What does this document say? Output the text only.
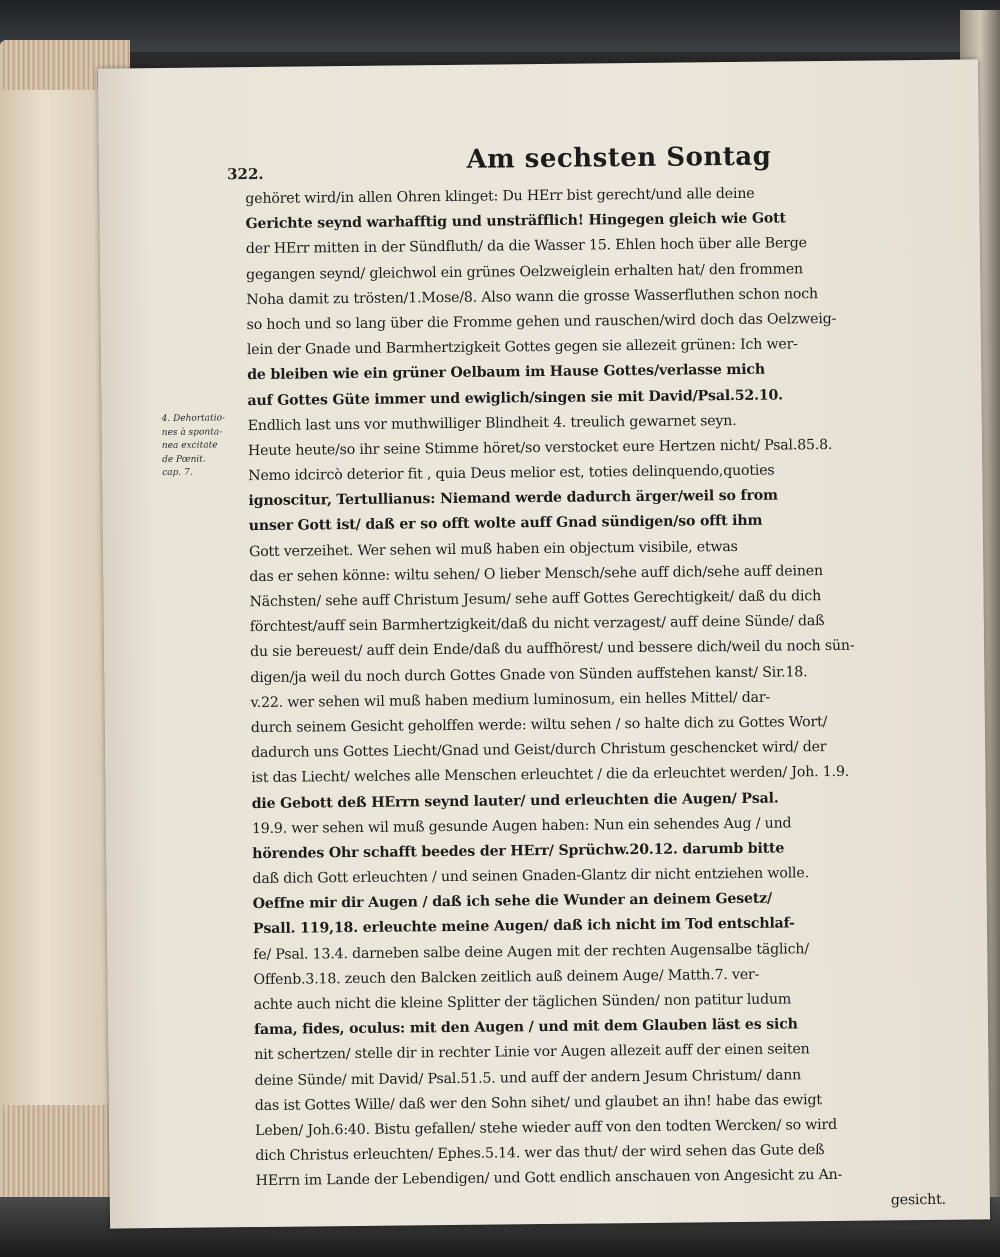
322.	Am sechsten Sontag
4. Dehortatio-
nes à sponta-
nea excitate
de Pœnit.
cap. 7.
gehöret wird/in allen Ohren klinget: Du HErr bist gerecht/und alle deine
Gerichte seynd warhafftig und unsträfflich! Hingegen gleich wie Gott
der HErr mitten in der Sündfluth/ da die Wasser 15. Ehlen hoch über alle Berge
gegangen seynd/ gleichwol ein grünes Oelzweiglein erhalten hat/ den frommen
Noha damit zu trösten/1.Mose/8. Also wann die grosse Wasserfluthen schon noch
so hoch und so lang über die Fromme gehen und rauschen/wird doch das Oelzweig-
lein der Gnade und Barmhertzigkeit Gottes gegen sie allezeit grünen: Ich wer-
de bleiben wie ein grüner Oelbaum im Hause Gottes/verlasse mich
auf Gottes Güte immer und ewiglich/singen sie mit David/Psal.52.10.
Endlich last uns vor muthwilliger Blindheit 4. treulich gewarnet seyn.
Heute heute/so ihr seine Stimme höret/so verstocket eure Hertzen nicht/ Psal.85.8.
Nemo idcircò deterior fit , quia Deus melior est, toties delinquendo,quoties
ignoscitur, Tertullianus: Niemand werde dadurch ärger/weil so from
unser Gott ist/ daß er so offt wolte auff Gnad sündigen/so offt ihm
Gott verzeihet. Wer sehen wil muß haben ein objectum visibile, etwas
das er sehen könne: wiltu sehen/ O lieber Mensch/sehe auff dich/sehe auff deinen
Nächsten/ sehe auff Christum Jesum/ sehe auff Gottes Gerechtigkeit/ daß du dich
förchtest/auff sein Barmhertzigkeit/daß du nicht verzagest/ auff deine Sünde/ daß
du sie bereuest/ auff dein Ende/daß du auffhörest/ und bessere dich/weil du noch sün-
digen/ja weil du noch durch Gottes Gnade von Sünden auffstehen kanst/ Sir.18.
v.22. wer sehen wil muß haben medium luminosum, ein helles Mittel/ dar-
durch seinem Gesicht geholffen werde: wiltu sehen / so halte dich zu Gottes Wort/
dadurch uns Gottes Liecht/Gnad und Geist/durch Christum geschencket wird/ der
ist das Liecht/ welches alle Menschen erleuchtet / die da erleuchtet werden/ Joh. 1.9.
die Gebott deß HErrn seynd lauter/ und erleuchten die Augen/ Psal.
19.9. wer sehen wil muß gesunde Augen haben: Nun ein sehendes Aug / und
hörendes Ohr schafft beedes der HErr/ Sprüchw.20.12. darumb bitte
daß dich Gott erleuchten / und seinen Gnaden-Glantz dir nicht entziehen wolle.
Oeffne mir dir Augen / daß ich sehe die Wunder an deinem Gesetz/
Psall. 119,18. erleuchte meine Augen/ daß ich nicht im Tod entschlaf-
fe/ Psal. 13.4. darneben salbe deine Augen mit der rechten Augensalbe täglich/
Offenb.3.18. zeuch den Balcken zeitlich auß deinem Auge/ Matth.7. ver-
achte auch nicht die kleine Splitter der täglichen Sünden/ non patitur ludum
fama, fides, oculus: mit den Augen / und mit dem Glauben läst es sich
nit schertzen/ stelle dir in rechter Linie vor Augen allezeit auff der einen seiten
deine Sünde/ mit David/ Psal.51.5. und auff der andern Jesum Christum/ dann
das ist Gottes Wille/ daß wer den Sohn sihet/ und glaubet an ihn! habe das ewigt
Leben/ Joh.6:40. Bistu gefallen/ stehe wieder auff von den todten Wercken/ so wird
dich Christus erleuchten/ Ephes.5.14. wer das thut/ der wird sehen das Gute deß
HErrn im Lande der Lebendigen/ und Gott endlich anschauen von Angesicht zu An-
gesicht.
